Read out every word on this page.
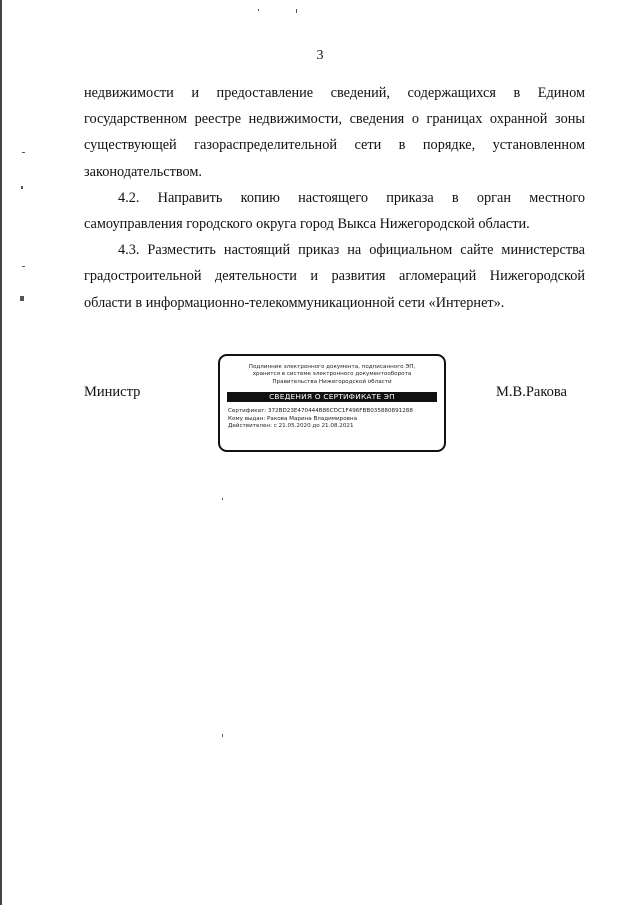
3

недвижимости и предоставление сведений, содержащихся в Едином
государственном реестре недвижимости, сведения о границах охранной зоны
существующей газораспределительной сети в порядке, установленном
законодательством.

4.2. Направить копию настоящего приказа в орган местного
самоуправления городского округа город Выкса Нижегородской области.

4.3. Разместить настоящий приказ на официальном сайте министерства
градостроительной деятельности и развития агломераций Нижегородской
области в информационно-телекоммуникационной сети «Интернет».

Министр
Подлинник электронного документа, подписанного ЭП,
хранится в системе электронного документооборота
Правительства Нижегородской области
СВЕДЕНИЯ О СЕРТИФИКАТЕ ЭП
Сертификат: 372BD23E470444B86CDC1F496FBB035880891288
Кому выдан: Ракова Марина Владимировна
Действителен: с 21.05.2020 до 21.08.2021
М.В.Ракова
